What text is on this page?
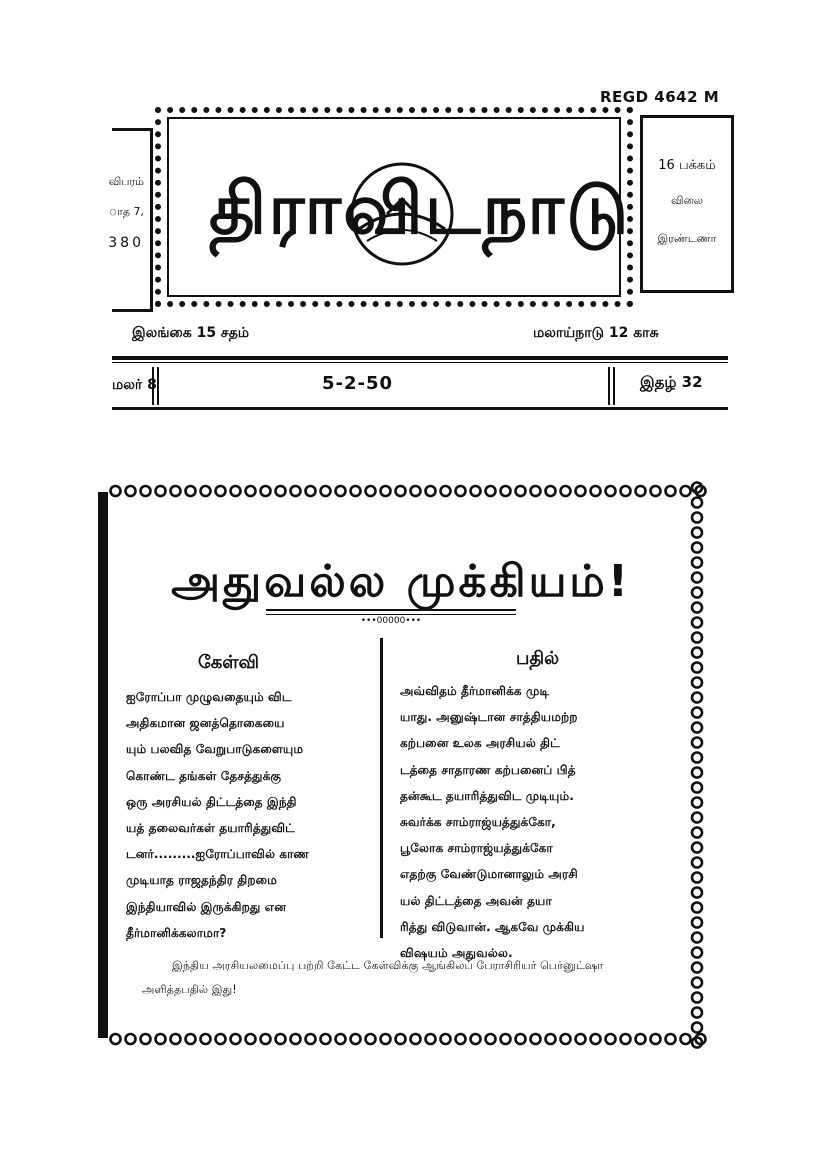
REGD 4642 M
விபரம்
ாத 7,
380 திராவிடநாடு
16 பக்கம்
விலை
இரண்டணா
இலங்கை 15 சதம்	மலாய்நாடு 12 காசு
மலர் 8	5-2-50	இதழ் 32
அதுவல்ல முக்கியம்!
•••00000•••
கேள்வி	பதில்
ஐரோப்பா முழுவதையும் விட
அதிகமான ஜனத்தொகையை
யும் பலவித வேறுபாடுகளையும
கொண்ட தங்கள் தேசத்துக்கு
ஒரு அரசியல் திட்டத்தை இந்தி
யத் தலைவர்கள் தயாரித்துவிட்
டனர்.........ஐரோப்பாவில் காண
முடியாத ராஜதந்திர திறமை
இந்தியாவில் இருக்கிறது என
தீர்மானிக்கலாமா?
அவ்விதம் தீர்மானிக்க முடி
யாது. அனுஷ்டான சாத்தியமற்ற
கற்பனை உலக அரசியல் திட்
டத்தை சாதாரண கற்பனைப் பித்
தன்கூட தயாரித்துவிட முடியும்.
சுவர்க்க சாம்ராஜ்யத்துக்கோ,
பூலோக சாம்ராஜ்யத்துக்கோ
எதற்கு வேண்டுமானாலும் அரசி
யல் திட்டத்தை அவன் தயா
ரித்து விடுவான். ஆகவே முக்கிய
விஷயம் அதுவல்ல.
இந்திய அரசியலமைப்பு பற்றி கேட்ட கேள்விக்கு ஆங்கிலப் பேராசிரியர் பெர்னுட்ஷா
அளித்தபதில் இது!
